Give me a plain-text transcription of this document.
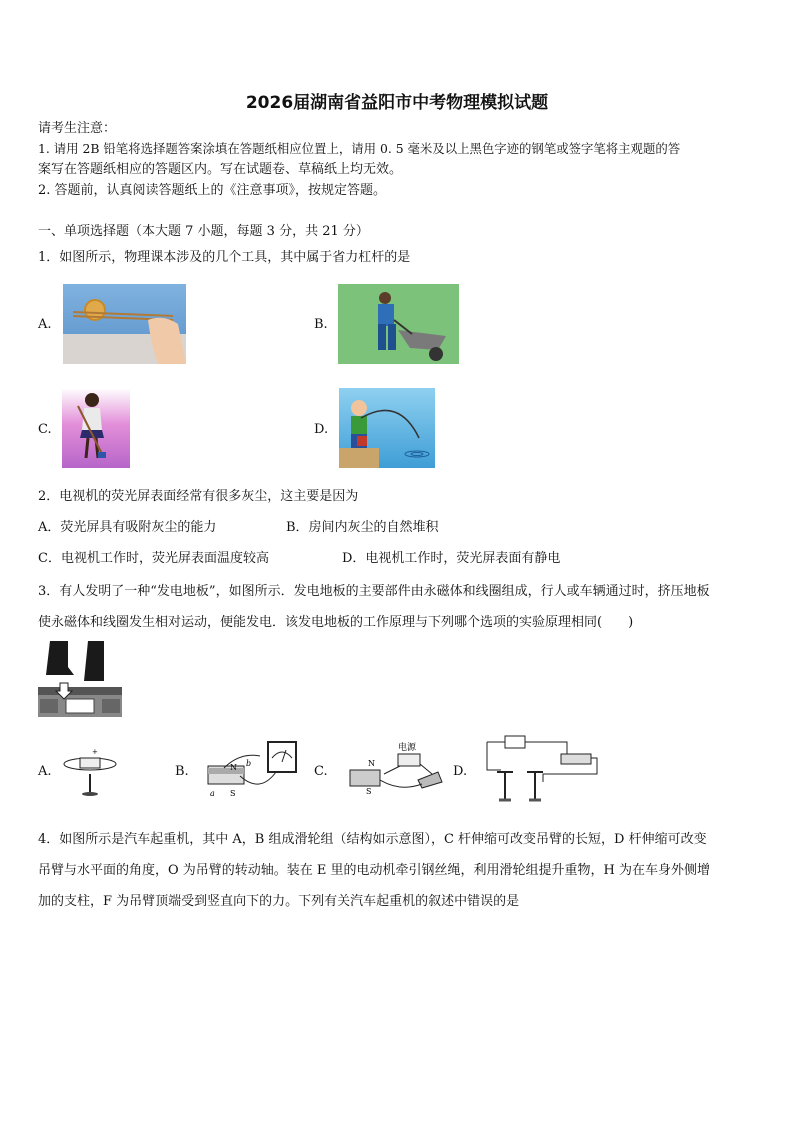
2026届湖南省益阳市中考物理模拟试题
请考生注意：
1. 请用 2B 铅笔将选择题答案涂填在答题纸相应位置上，请用 0. 5 毫米及以上黑色字迹的钢笔或签字笔将主观题的答
案写在答题纸相应的答题区内。写在试题卷、草稿纸上均无效。
2. 答题前，认真阅读答题纸上的《注意事项》，按规定答题。
一、单项选择题（本大题 7 小题，每题 3 分，共 21 分）
1．如图所示，物理课本涉及的几个工具，其中属于省力杠杆的是
A.	B.
C.	D.
2．电视机的荧光屏表面经常有很多灰尘，这主要是因为
A．荧光屏具有吸附灰尘的能力	B．房间内灰尘的自然堆积
C．电视机工作时，荧光屏表面温度较高	D．电视机工作时，荧光屏表面有静电
3．有人发明了一种“发电地板”，如图所示．发电地板的主要部件由永磁体和线圈组成，行人或车辆通过时，挤压地板
使永磁体和线圈发生相对运动，便能发电．该发电地板的工作原理与下列哪个选项的实验原理相同(　　)
A.
+
B.	N
S
a
b
C.
N
S
电源
D.
4．如图所示是汽车起重机，其中 A，B 组成滑轮组（结构如示意图），C 杆伸缩可改变吊臂的长短，D 杆伸缩可改变
吊臂与水平面的角度，O 为吊臂的转动轴。装在 E 里的电动机牵引钢丝绳，利用滑轮组提升重物，H 为在车身外侧增
加的支柱，F 为吊臂顶端受到竖直向下的力。下列有关汽车起重机的叙述中错误的是
